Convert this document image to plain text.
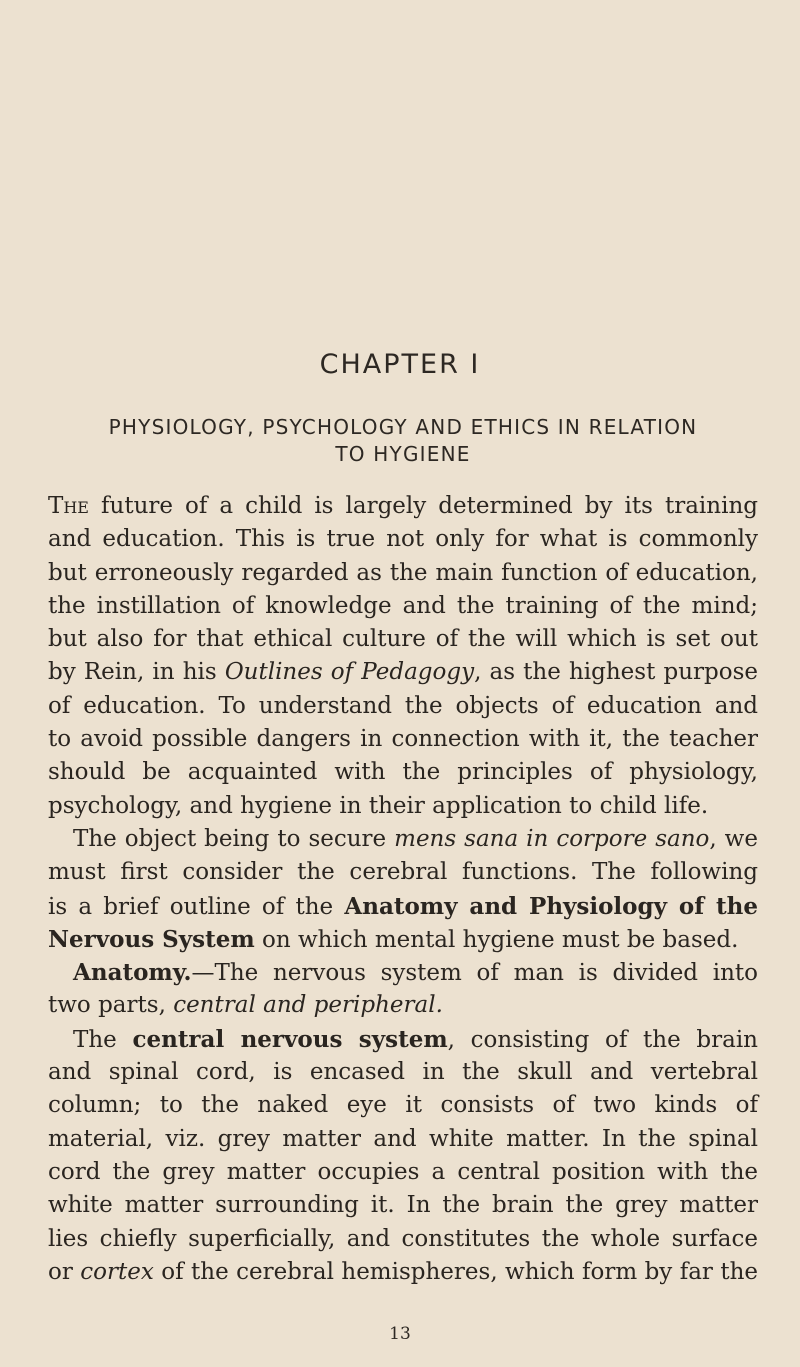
CHAPTER I
PHYSIOLOGY, PSYCHOLOGY AND ETHICS IN RELATION
TO HYGIENE
The future of a child is largely determined by its training
and education. This is true not only for what is commonly
but erroneously regarded as the main function of education,
the instillation of knowledge and the training of the mind;
but also for that ethical culture of the will which is set out
by Rein, in his Outlines of Pedagogy, as the highest purpose
of education. To understand the objects of education and
to avoid possible dangers in connection with it, the teacher
should be acquainted with the principles of physiology,
psychology, and hygiene in their application to child life.
The object being to secure mens sana in corpore sano, we
must first consider the cerebral functions. The following
is a brief outline of the Anatomy and Physiology of the
Nervous System on which mental hygiene must be based.
Anatomy.—The nervous system of man is divided into
two parts, central and peripheral.
The central nervous system, consisting of the brain
and spinal cord, is encased in the skull and vertebral
column; to the naked eye it consists of two kinds of
material, viz. grey matter and white matter. In the spinal
cord the grey matter occupies a central position with the
white matter surrounding it. In the brain the grey matter
lies chiefly superficially, and constitutes the whole surface
or cortex of the cerebral hemispheres, which form by far the
13
